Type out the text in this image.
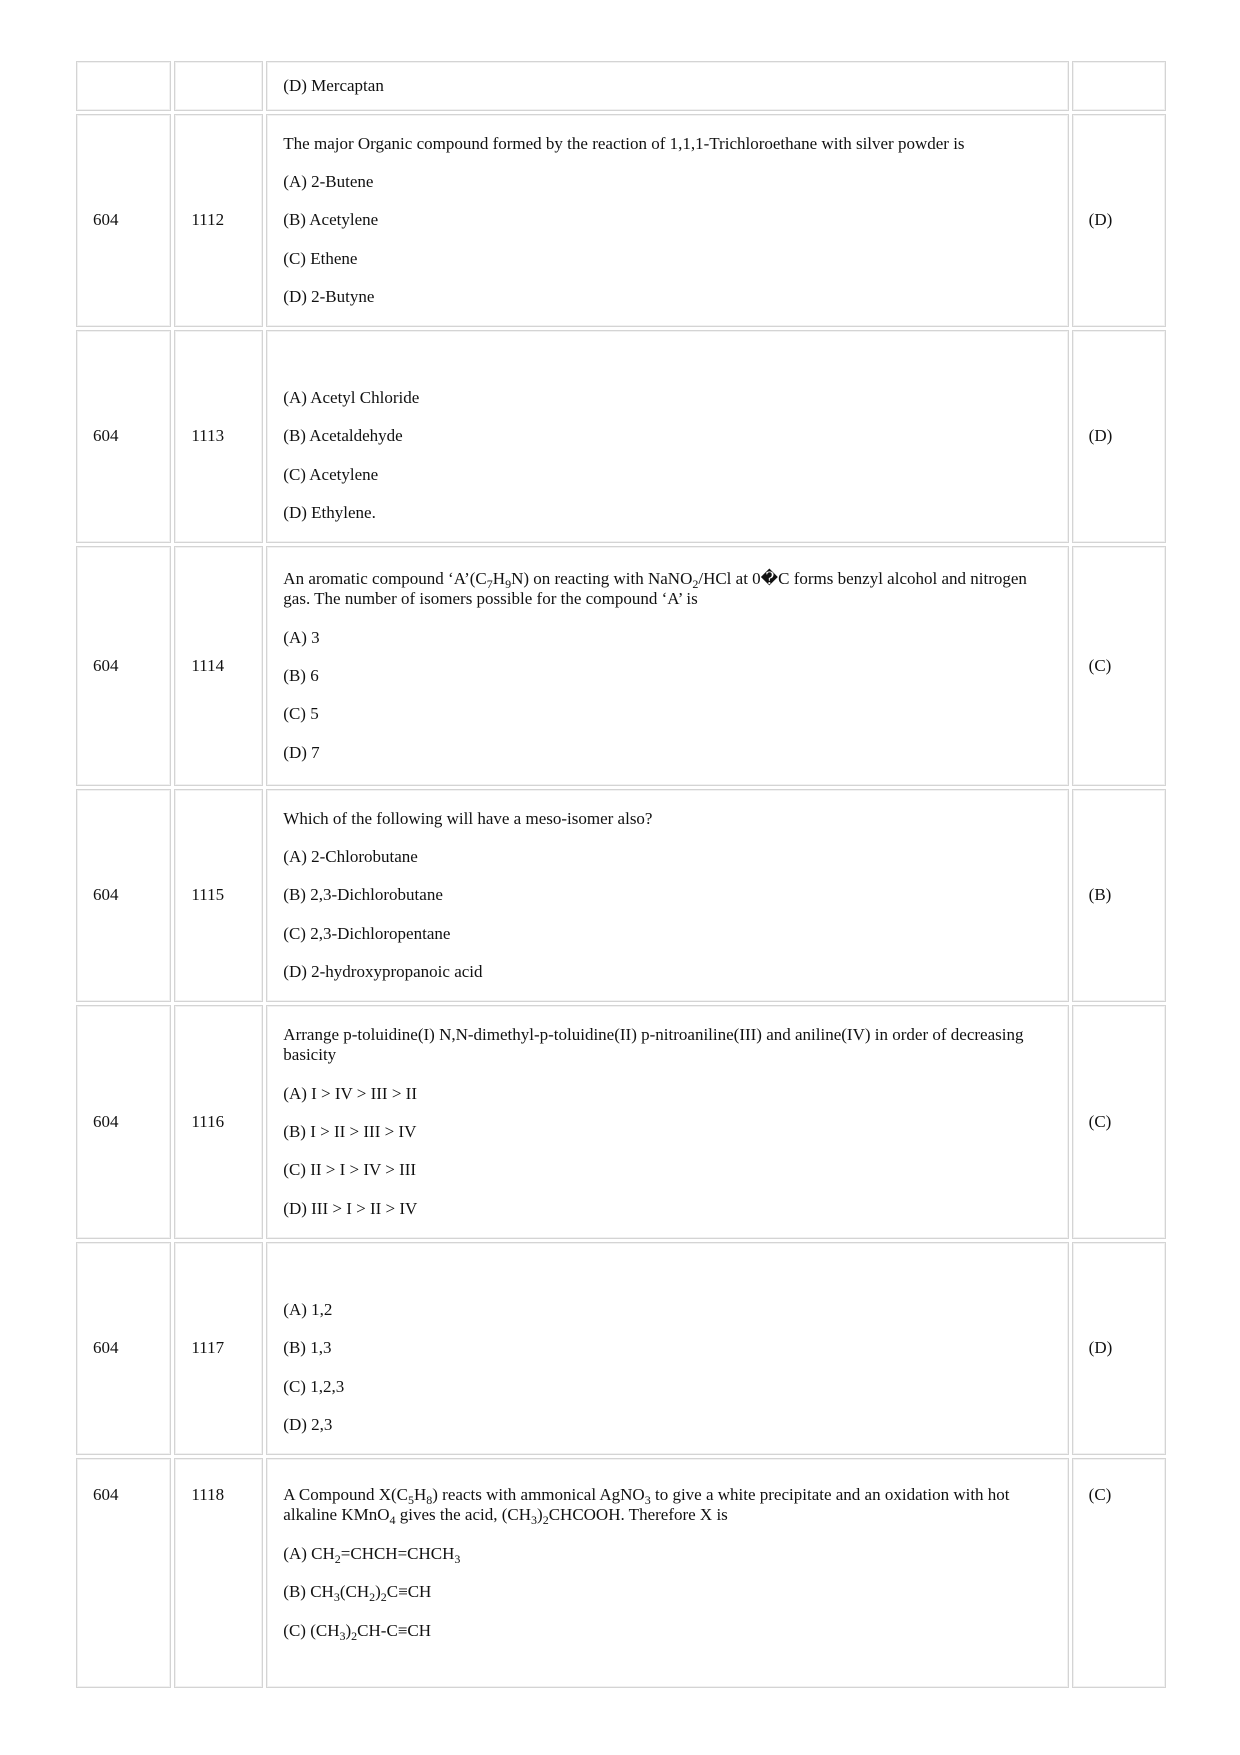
		(D) Mercaptan	

604	1112	The major Organic compound formed by the reaction of 1,1,1-Trichloroethane with silver powder is
(A) 2-Butene
(B) Acetylene
(C) Ethene
(D) 2-Butyne	(D)
604	1113	(A) Acetyl Chloride
(B) Acetaldehyde
(C) Acetylene
(D) Ethylene.	(D)
604	1114	An aromatic compound ‘$A’(C_7H_9N)$ on reacting with NaNO$_2$/HCl at 0�C forms benzyl alcohol and nitrogen gas. The number of isomers possible for the compound ‘A’ is
(A) 3
(B) 6
(C) 5
(D) 7	(C)
604	1115	Which of the following will have a meso-isomer also?
(A) 2-Chlorobutane
(B) 2,3-Dichlorobutane
(C) 2,3-Dichloropentane
(D) 2-hydroxypropanoic acid	(B)
604	1116	Arrange p-toluidine(I) N,N-dimethyl-p-toluidine(II) p-nitroaniline(III) and aniline(IV) in order of decreasing basicity
(A) I > IV > III > II
(B) I > II > III > IV
(C) II > I > IV > III
(D) III > I > II > IV	(C)
604	1117	(A) 1,2
(B) 1,3
(C) 1,2,3
(D) 2,3	(D)
604	1118	A Compound $X(C_5H_8)$ reacts with ammonical AgNO$_3$ to give a white precipitate and an oxidation with hot alkaline KMnO$_4$ gives the acid, $(CH_3)_2CHCOOH$. Therefore X is
(A) $CH_2=CHCH=CHCH_3$
(B) $CH_3(CH_2)_2C\equiv CH$
(C) $(CH_3)_2CH-C\equiv CH$	(C)
